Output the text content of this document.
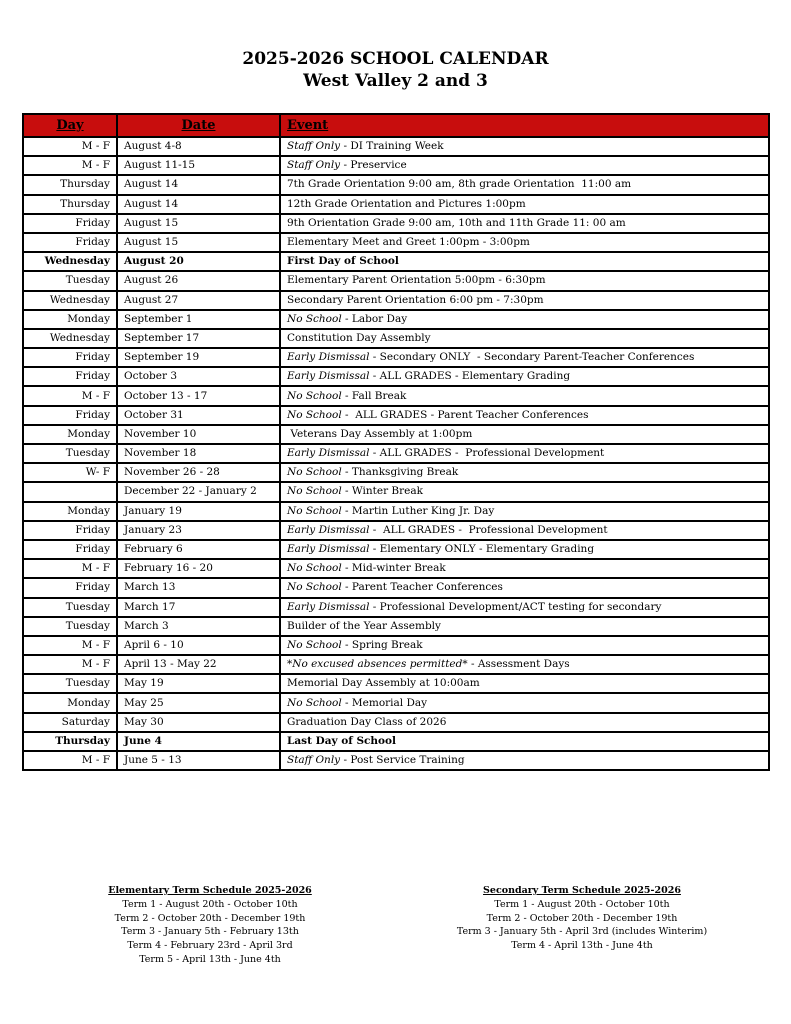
2025-2026 SCHOOL CALENDAR
West Valley 2 and 3
Day	Date	Event
M - F	August 4-8	Staff Only - DI Training Week
M - F	August 11-15	Staff Only - Preservice
Thursday	August 14	7th Grade Orientation 9:00 am, 8th grade Orientation  11:00 am
Thursday	August 14	12th Grade Orientation and Pictures 1:00pm
Friday	August 15	9th Orientation Grade 9:00 am, 10th and 11th Grade 11: 00 am
Friday	August 15	Elementary Meet and Greet 1:00pm - 3:00pm
Wednesday	August 20	First Day of School
Tuesday	August 26	Elementary Parent Orientation 5:00pm - 6:30pm
Wednesday	August 27	Secondary Parent Orientation 6:00 pm - 7:30pm
Monday	September 1	No School - Labor Day
Wednesday	September 17	Constitution Day Assembly
Friday	September 19	Early Dismissal - Secondary ONLY  - Secondary Parent-Teacher Conferences
Friday	October 3	Early Dismissal - ALL GRADES - Elementary Grading
M - F	October 13 - 17	No School - Fall Break
Friday	October 31	No School -  ALL GRADES - Parent Teacher Conferences
Monday	November 10	Veterans Day Assembly at 1:00pm
Tuesday	November 18	Early Dismissal - ALL GRADES -  Professional Development
W- F	November 26 - 28	No School - Thanksgiving Break
	December 22 - January 2	No School - Winter Break
Monday	January 19	No School - Martin Luther King Jr. Day
Friday	January 23	Early Dismissal -  ALL GRADES -  Professional Development
Friday	February 6	Early Dismissal - Elementary ONLY - Elementary Grading
M - F	February 16 - 20	No School - Mid-winter Break
Friday	March 13	No School - Parent Teacher Conferences
Tuesday	March 17	Early Dismissal - Professional Development/ACT testing for secondary
Tuesday	March 3	Builder of the Year Assembly
M - F	April 6 - 10	No School - Spring Break
M - F	April 13 - May 22	*No excused absences permitted* - Assessment Days
Tuesday	May 19	Memorial Day Assembly at 10:00am
Monday	May 25	No School - Memorial Day
Saturday	May 30	Graduation Day Class of 2026
Thursday	June 4	Last Day of School
M - F	June 5 - 13	Staff Only - Post Service Training
Elementary Term Schedule 2025-2026
Term 1 - August 20th - October 10th
Term 2 - October 20th - December 19th
Term 3 - January 5th - February 13th
Term 4 - February 23rd - April 3rd
Term 5 - April 13th - June 4th
Secondary Term Schedule 2025-2026
Term 1 - August 20th - October 10th
Term 2 - October 20th - December 19th
Term 3 - January 5th - April 3rd (includes Winterim)
Term 4 - April 13th - June 4th
